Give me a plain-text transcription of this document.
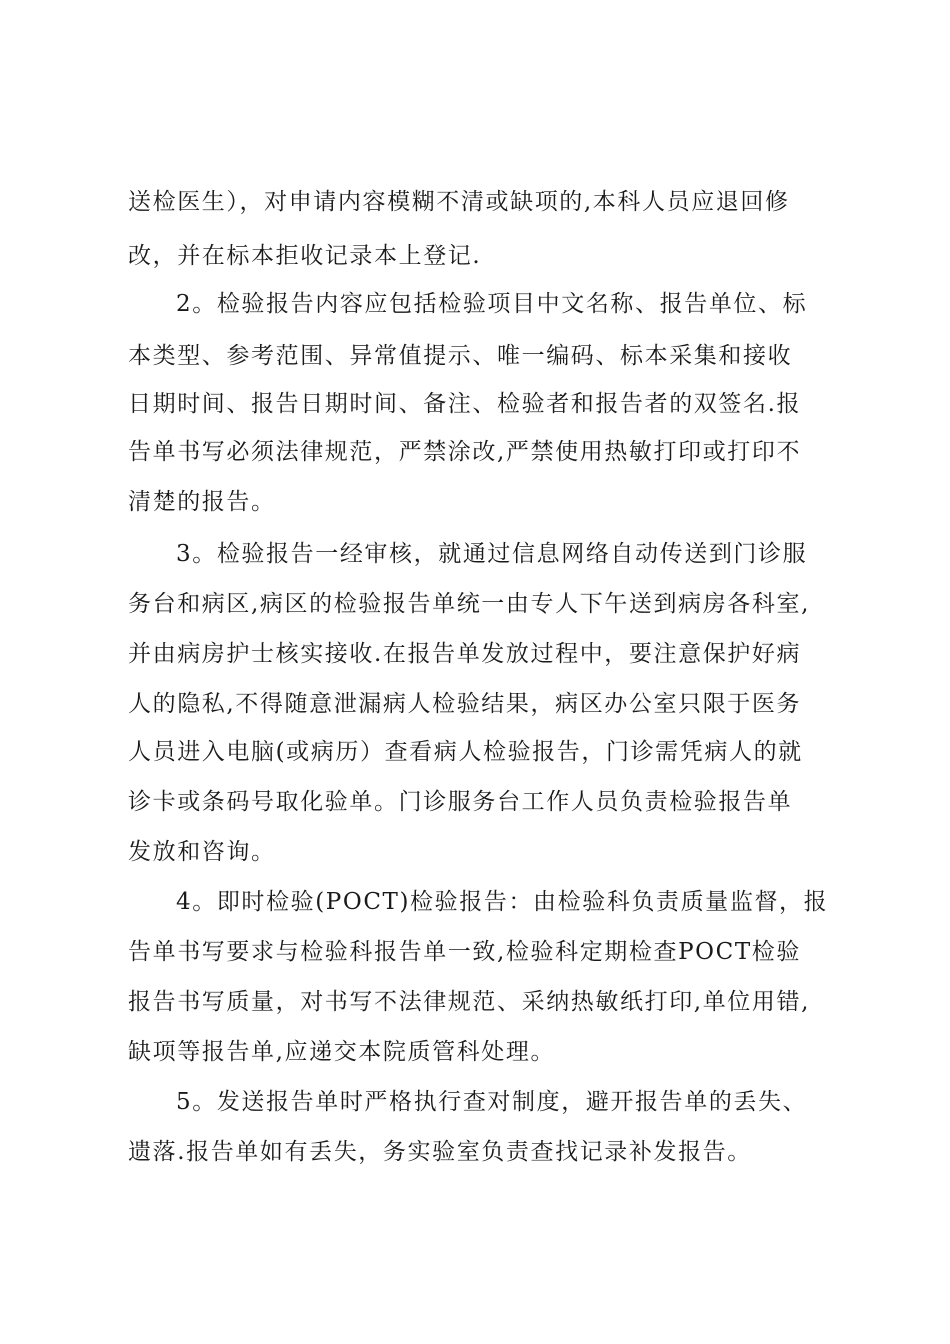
送检医生），对申请内容模糊不清或缺项的,本科人员应退回修

改，并在标本拒收记录本上登记.

2。检验报告内容应包括检验项目中文名称、报告单位、标

本类型、参考范围、异常值提示、唯一编码、标本采集和接收

日期时间、报告日期时间、备注、检验者和报告者的双签名.报

告单书写必须法律规范，严禁涂改,严禁使用热敏打印或打印不

清楚的报告。

3。检验报告一经审核，就通过信息网络自动传送到门诊服

务台和病区,病区的检验报告单统一由专人下午送到病房各科室,

并由病房护士核实接收.在报告单发放过程中，要注意保护好病

人的隐私,不得随意泄漏病人检验结果，病区办公室只限于医务

人员进入电脑(或病历）查看病人检验报告，门诊需凭病人的就

诊卡或条码号取化验单。门诊服务台工作人员负责检验报告单

发放和咨询。

4。即时检验(POCT)检验报告：由检验科负责质量监督，报

告单书写要求与检验科报告单一致,检验科定期检查POCT检验

报告书写质量，对书写不法律规范、采纳热敏纸打印,单位用错,

缺项等报告单,应递交本院质管科处理。

5。发送报告单时严格执行查对制度，避开报告单的丢失、

遗落.报告单如有丢失，务实验室负责查找记录补发报告。
